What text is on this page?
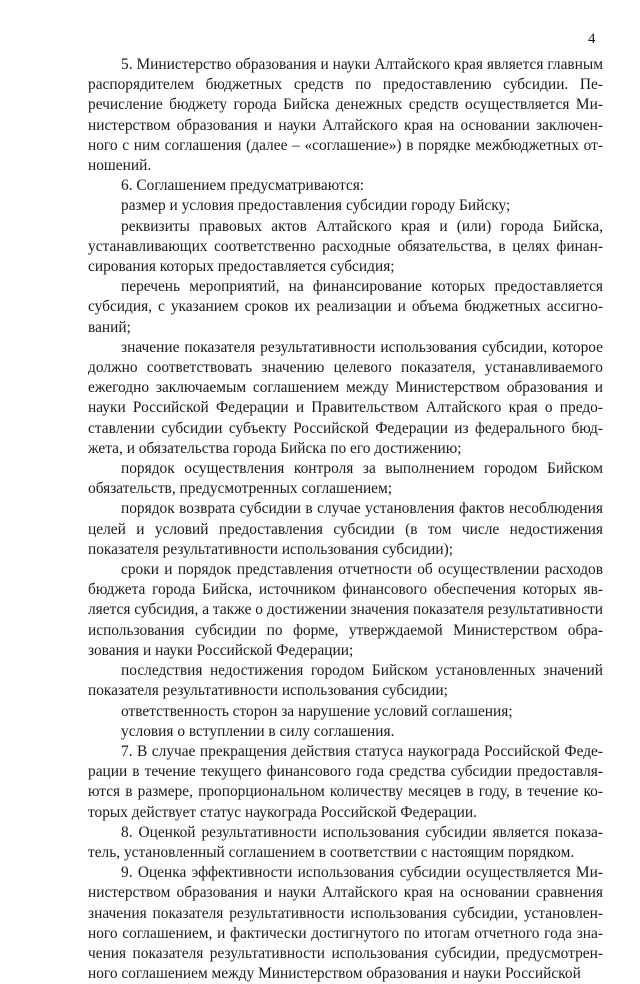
4

5. Министерство образования и науки Алтайского края является главным распорядителем бюджетных средств по предоставлению субсидии. Перечисление бюджету города Бийска денежных средств осуществляется Министерством образования и науки Алтайского края на основании заключенного с ним соглашения (далее – «соглашение») в порядке межбюджетных отношений.

6. Соглашением предусматриваются:

размер и условия предоставления субсидии городу Бийску;

реквизиты правовых актов Алтайского края и (или) города Бийска, устанавливающих соответственно расходные обязательства, в целях финансирования которых предоставляется субсидия;

перечень мероприятий, на финансирование которых предоставляется субсидия, с указанием сроков их реализации и объема бюджетных ассигнований;

значение показателя результативности использования субсидии, которое должно соответствовать значению целевого показателя, устанавливаемого ежегодно заключаемым соглашением между Министерством образования и науки Российской Федерации и Правительством Алтайского края о предоставлении субсидии субъекту Российской Федерации из федерального бюджета, и обязательства города Бийска по его достижению;

порядок осуществления контроля за выполнением городом Бийском обязательств, предусмотренных соглашением;

порядок возврата субсидии в случае установления фактов несоблюдения целей и условий предоставления субсидии (в том числе недостижения показателя результативности использования субсидии);

сроки и порядок представления отчетности об осуществлении расходов бюджета города Бийска, источником финансового обеспечения которых является субсидия, а также о достижении значения показателя результативности использования субсидии по форме, утверждаемой Министерством образования и науки Российской Федерации;

последствия недостижения городом Бийском установленных значений показателя результативности использования субсидии;

ответственность сторон за нарушение условий соглашения;

условия о вступлении в силу соглашения.

7. В случае прекращения действия статуса наукограда Российской Федерации в течение текущего финансового года средства субсидии предоставляются в размере, пропорциональном количеству месяцев в году, в течение которых действует статус наукограда Российской Федерации.

8. Оценкой результативности использования субсидии является показатель, установленный соглашением в соответствии с настоящим порядком.

9. Оценка эффективности использования субсидии осуществляется Министерством образования и науки Алтайского края на основании сравнения значения показателя результативности использования субсидии, установленного соглашением, и фактически достигнутого по итогам отчетного года значения показателя результативности использования субсидии, предусмотренного соглашением между Министерством образования и науки Российской
